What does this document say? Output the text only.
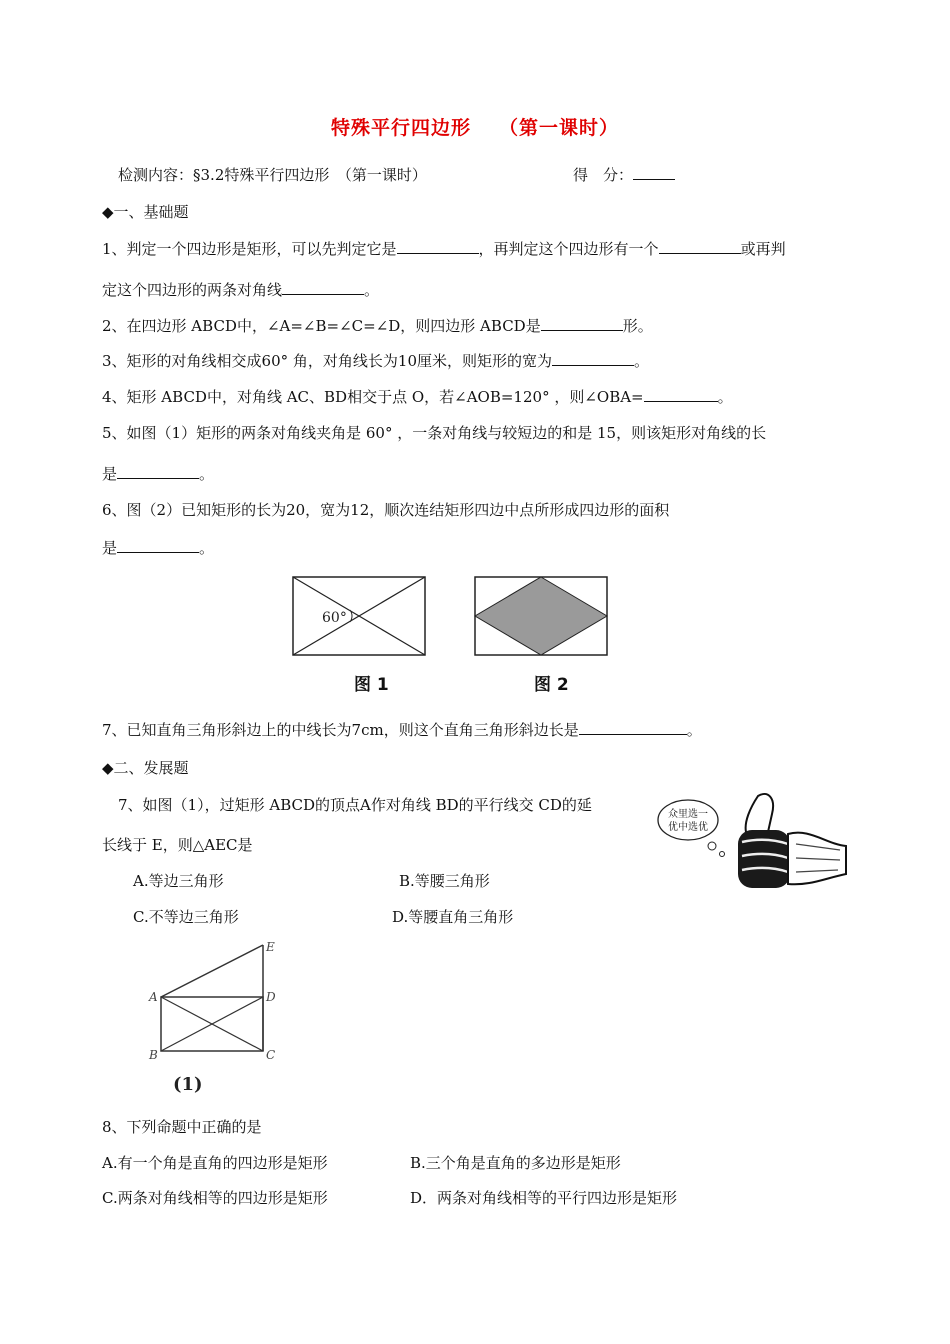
特殊平行四边形 （第一课时）
检测内容：§3.2特殊平行四边形　（第一课时）	得　分：
◆一、基础题
1、判定一个四边形是矩形，可以先判定它是	，再判定这个四边形有一个	或再判
定这个四边形的两条对角线	。
2、在四边形 ABCD中，∠A=∠B=∠C=∠D，则四边形 ABCD是	形。
3、矩形的对角线相交成60° 角，对角线长为10厘米，则矩形的宽为	。
4、矩形 ABCD中，对角线 AC、BD相交于点 O，若∠AOB=120° ，则∠OBA=	。
5、如图（1）矩形的两条对角线夹角是 60° ，一条对角线与较短边的和是 15，则该矩形对角线的长
是	。
6、图（2）已知矩形的长为20，宽为12，顺次连结矩形四边中点所形成四边形的面积
是	。
60°
图 1	图 2
7、已知直角三角形斜边上的中线长为7cm，则这个直角三角形斜边长是	。
◆二、发展题
7、如图（1），过矩形 ABCD的顶点A作对角线 BD的平行线交 CD的延
长线于 E，则△AEC是
A.等边三角形	B.等腰三角形
C.不等边三角形	D.等腰直角三角形
众里选一
优中选优
E
A	D
B	C
(1)
8、下列命题中正确的是
A.有一个角是直角的四边形是矩形	B.三个角是直角的多边形是矩形
C.两条对角线相等的四边形是矩形	D．两条对角线相等的平行四边形是矩形
